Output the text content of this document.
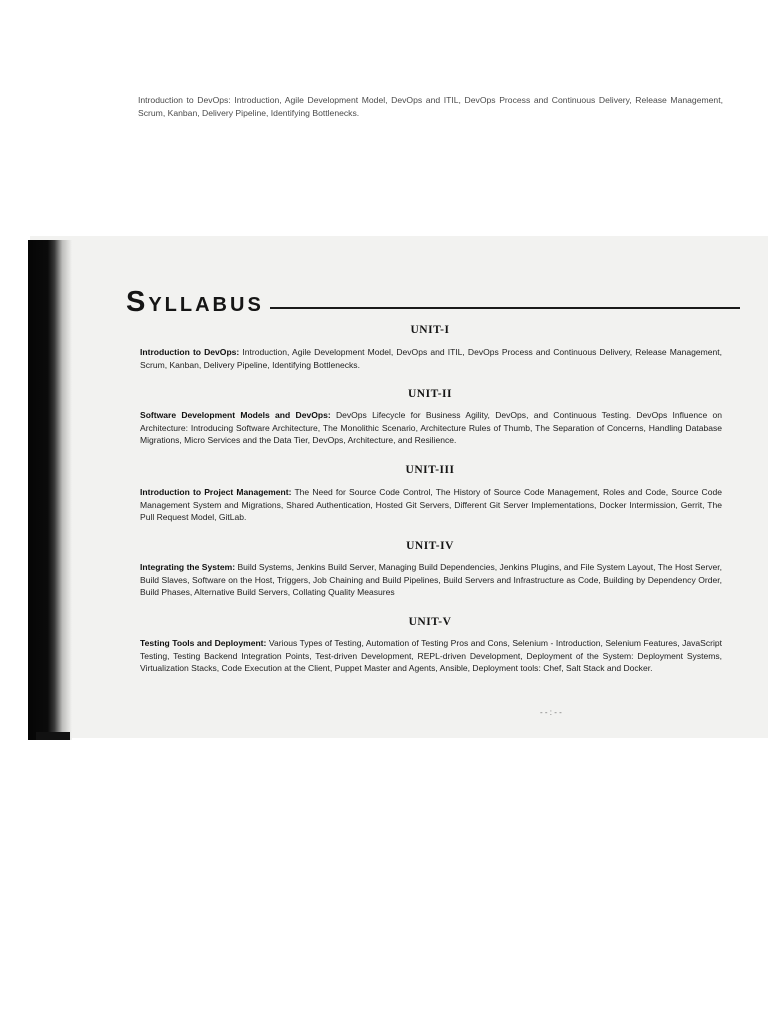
Introduction to DevOps: Introduction, Agile Development Model, DevOps and ITIL, DevOps Process and Continuous Delivery, Release Management, Scrum, Kanban, Delivery Pipeline, Identifying Bottlenecks.
SYLLABUS
UNIT-I
Introduction to DevOps: Introduction, Agile Development Model, DevOps and ITIL, DevOps Process and Continuous Delivery, Release Management, Scrum, Kanban, Delivery Pipeline, Identifying Bottlenecks.
UNIT-II
Software Development Models and DevOps: DevOps Lifecycle for Business Agility, DevOps, and Continuous Testing. DevOps Influence on Architecture: Introducing Software Architecture, The Monolithic Scenario, Architecture Rules of Thumb, The Separation of Concerns, Handling Database Migrations, Micro Services and the Data Tier, DevOps, Architecture, and Resilience.
UNIT-III
Introduction to Project Management: The Need for Source Code Control, The History of Source Code Management, Roles and Code, Source Code Management System and Migrations, Shared Authentication, Hosted Git Servers, Different Git Server Implementations, Docker Intermission, Gerrit, The Pull Request Model, GitLab.
UNIT-IV
Integrating the System: Build Systems, Jenkins Build Server, Managing Build Dependencies, Jenkins Plugins, and File System Layout, The Host Server, Build Slaves, Software on the Host, Triggers, Job Chaining and Build Pipelines, Build Servers and Infrastructure as Code, Building by Dependency Order, Build Phases, Alternative Build Servers, Collating Quality Measures
UNIT-V
Testing Tools and Deployment: Various Types of Testing, Automation of Testing Pros and Cons, Selenium - Introduction, Selenium Features, JavaScript Testing, Testing Backend Integration Points, Test-driven Development, REPL-driven Development, Deployment of the System: Deployment Systems, Virtualization Stacks, Code Execution at the Client, Puppet Master and Agents, Ansible, Deployment tools: Chef, Salt Stack and Docker.
- - : - -
